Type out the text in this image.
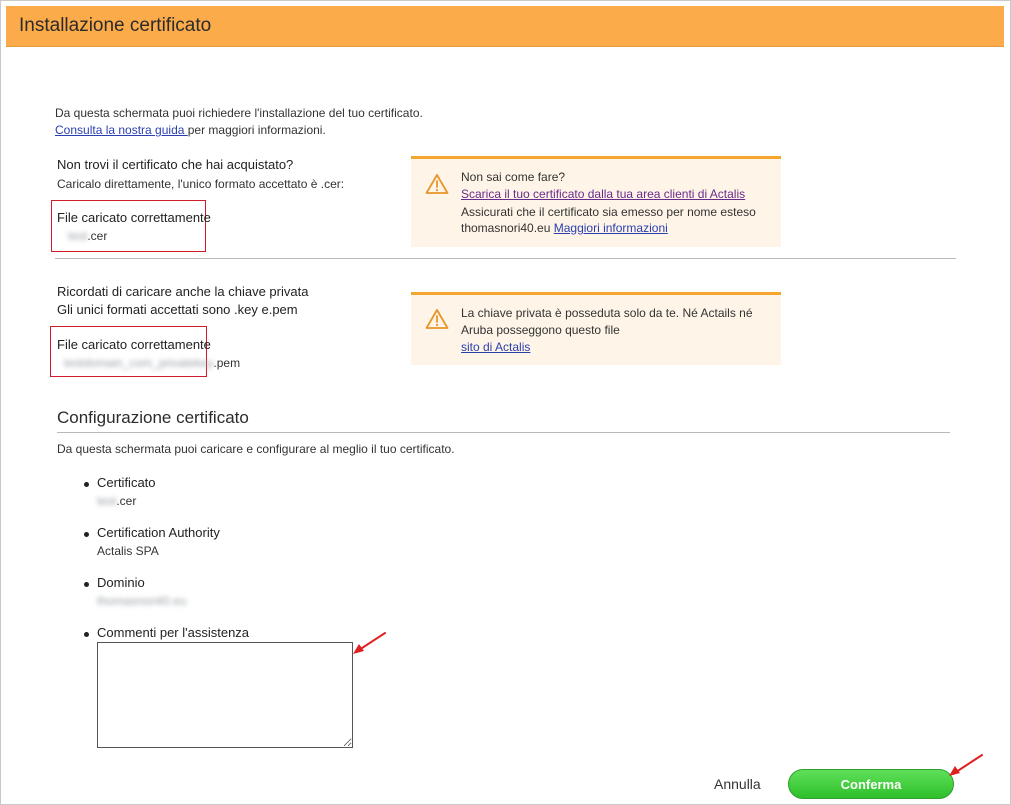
Installazione certificato
Da questa schermata puoi richiedere l'installazione del tuo certificato.
Consulta la nostra guida per maggiori informazioni.
Non trovi il certificato che hai acquistato?
Caricalo direttamente, l'unico formato accettato è .cer:
File caricato correttamente
test.cer
Non sai come fare?
Scarica il tuo certificato dalla tua area clienti di Actalis
Assicurati che il certificato sia emesso per nome esteso
thomasnori40.eu Maggiori informazioni
Ricordati di caricare anche la chiave privata
Gli unici formati accettati sono .key e.pem
File caricato correttamente
testdomain_com_privatekey.pem
La chiave privata è posseduta solo da te. Né Actails né
Aruba posseggono questo file
sito di Actalis
Configurazione certificato
Da questa schermata puoi caricare e configurare al meglio il tuo certificato.
Certificato
test.cer
Certification Authority
Actalis SPA
Dominio
thomasnori40.eu
Commenti per l'assistenza
Annulla	Conferma
